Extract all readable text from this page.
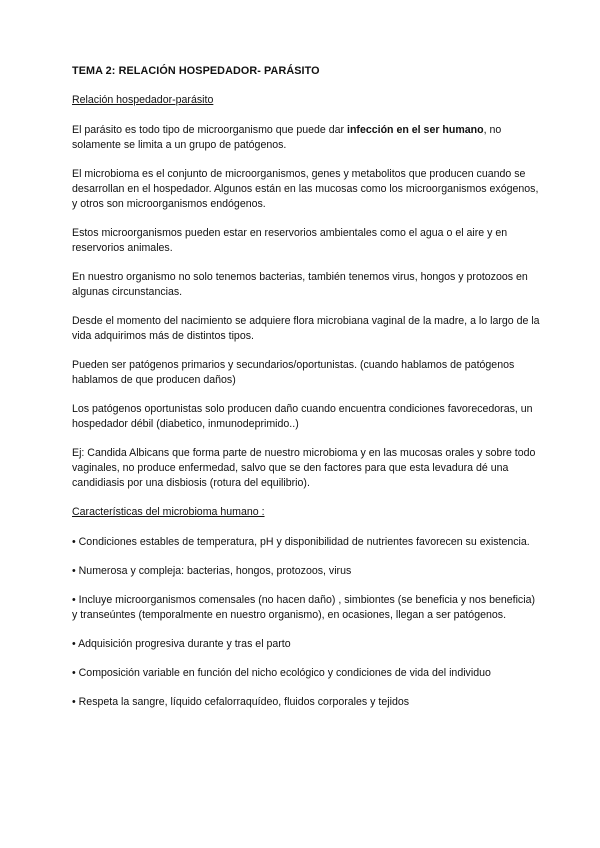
TEMA 2: RELACIÓN HOSPEDADOR- PARÁSITO
Relación hospedador-parásito
El parásito es todo tipo de microorganismo que puede dar infección en el ser humano, no solamente se limita a un grupo de patógenos.
El microbioma es el conjunto de microorganismos, genes y metabolitos que producen cuando se desarrollan en el hospedador. Algunos están en las mucosas como los microorganismos exógenos, y otros son microorganismos endógenos.
Estos microorganismos pueden estar en reservorios ambientales como el agua o el aire y en reservorios animales.
En nuestro organismo no solo tenemos bacterias, también tenemos virus, hongos y protozoos en algunas circunstancias.
Desde el momento del nacimiento se adquiere flora microbiana vaginal de la madre, a lo largo de la vida adquirimos más de distintos tipos.
Pueden ser patógenos primarios y secundarios/oportunistas. (cuando hablamos de patógenos hablamos de que producen daños)
Los patógenos oportunistas solo producen daño cuando encuentra condiciones favorecedoras, un hospedador débil (diabetico, inmunodeprimido..)
Ej: Candida Albicans que forma parte de nuestro microbioma y en las mucosas orales y sobre todo vaginales, no produce enfermedad, salvo que se den factores para que esta levadura dé una candidiasis por una disbiosis (rotura del equilibrio).
Características del microbioma humano :
• Condiciones estables de temperatura, pH y disponibilidad de nutrientes favorecen su existencia.
• Numerosa y compleja: bacterias, hongos, protozoos, virus
• Incluye microorganismos comensales (no hacen daño) , simbiontes (se beneficia y nos beneficia) y transeúntes (temporalmente en nuestro organismo), en ocasiones, llegan a ser patógenos.
• Adquisición progresiva durante y tras el parto
• Composición variable en función del nicho ecológico y condiciones de vida del individuo
• Respeta la sangre, líquido cefalorraquídeo, fluidos corporales y tejidos
